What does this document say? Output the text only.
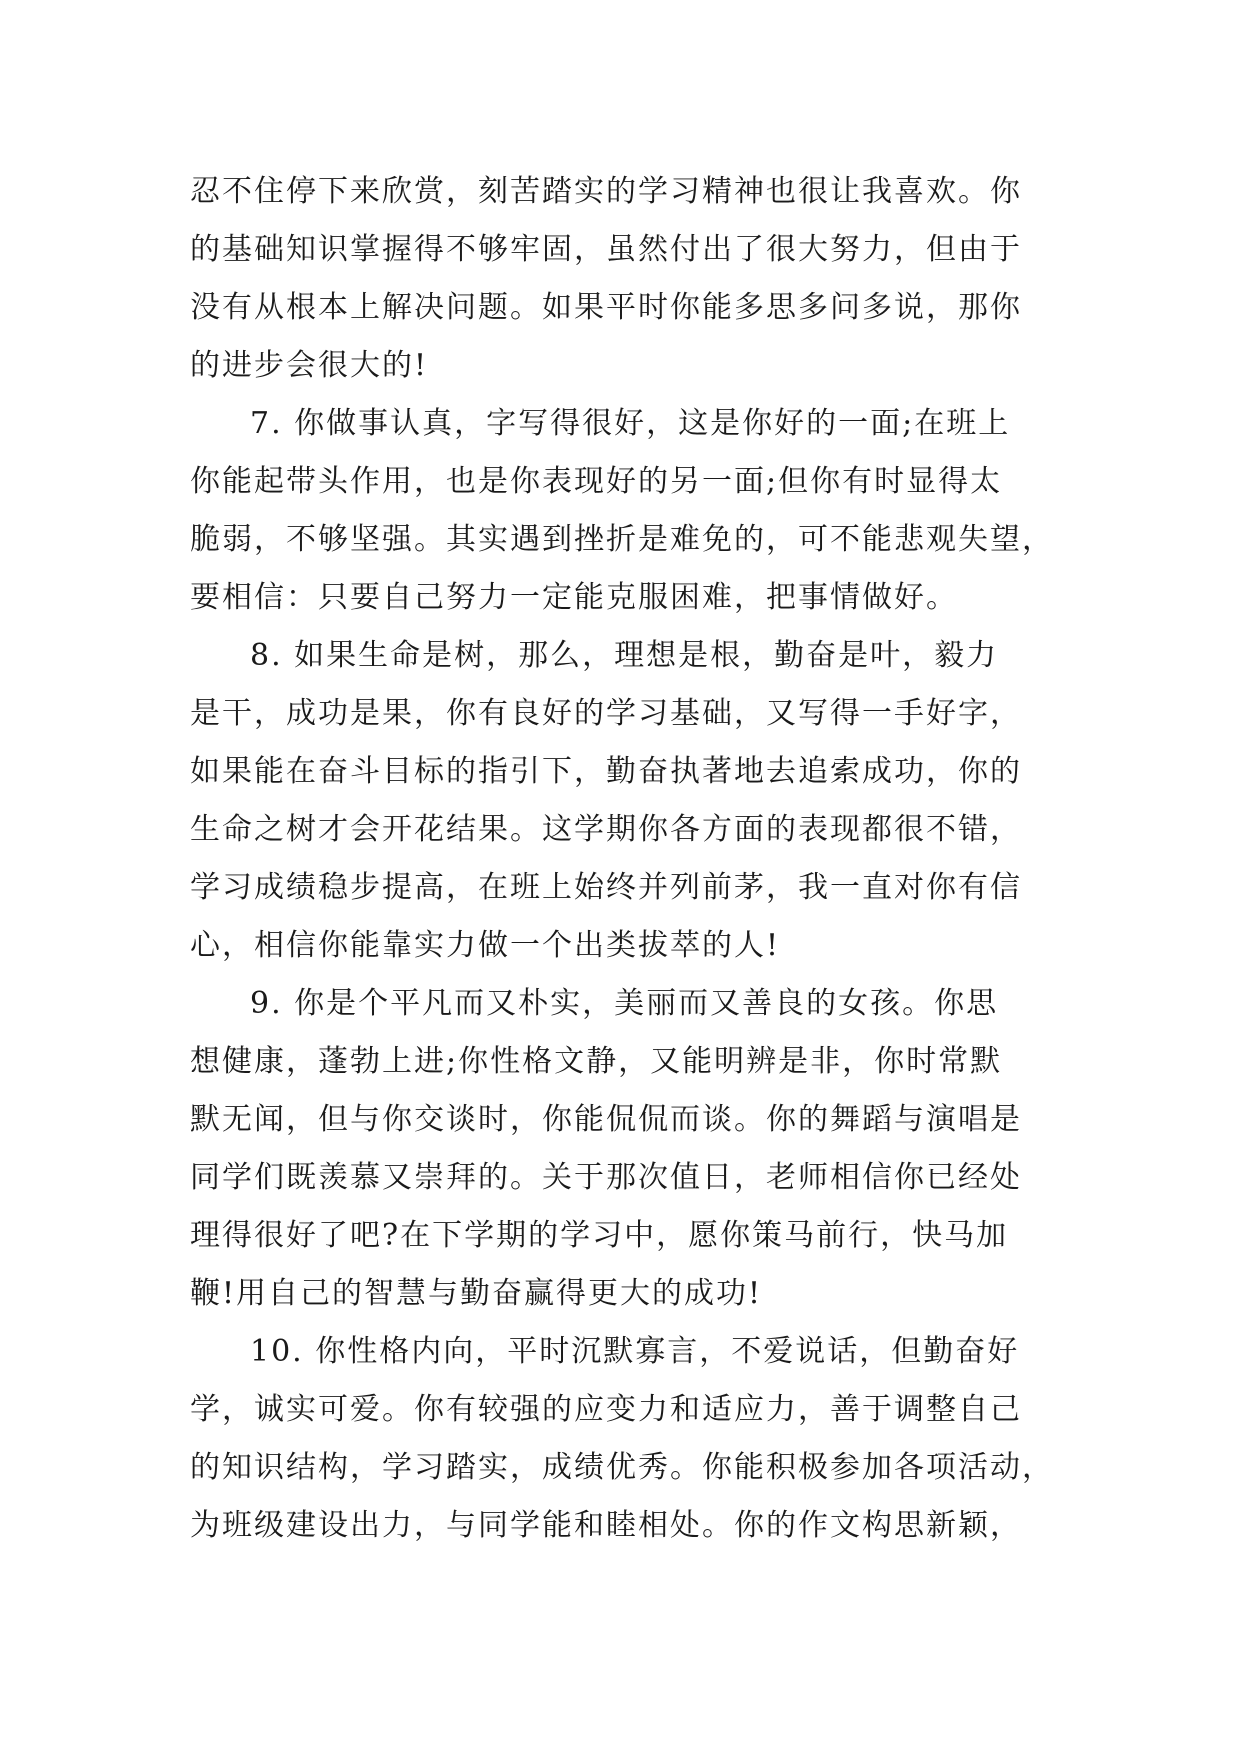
忍不住停下来欣赏，刻苦踏实的学习精神也很让我喜欢。你
的基础知识掌握得不够牢固，虽然付出了很大努力，但由于
没有从根本上解决问题。如果平时你能多思多问多说，那你
的进步会很大的!
7. 你做事认真，字写得很好，这是你好的一面;在班上
你能起带头作用，也是你表现好的另一面;但你有时显得太
脆弱，不够坚强。其实遇到挫折是难免的，可不能悲观失望，
要相信：只要自己努力一定能克服困难，把事情做好。
8. 如果生命是树，那么，理想是根，勤奋是叶，毅力
是干，成功是果，你有良好的学习基础，又写得一手好字，
如果能在奋斗目标的指引下，勤奋执著地去追索成功，你的
生命之树才会开花结果。这学期你各方面的表现都很不错，
学习成绩稳步提高，在班上始终并列前茅，我一直对你有信
心，相信你能靠实力做一个出类拔萃的人!
9. 你是个平凡而又朴实，美丽而又善良的女孩。你思
想健康，蓬勃上进;你性格文静，又能明辨是非，你时常默
默无闻，但与你交谈时，你能侃侃而谈。你的舞蹈与演唱是
同学们既羡慕又崇拜的。关于那次值日，老师相信你已经处
理得很好了吧?在下学期的学习中，愿你策马前行，快马加
鞭!用自己的智慧与勤奋赢得更大的成功!
10. 你性格内向，平时沉默寡言，不爱说话，但勤奋好
学，诚实可爱。你有较强的应变力和适应力，善于调整自己
的知识结构，学习踏实，成绩优秀。你能积极参加各项活动，
为班级建设出力，与同学能和睦相处。你的作文构思新颖，
